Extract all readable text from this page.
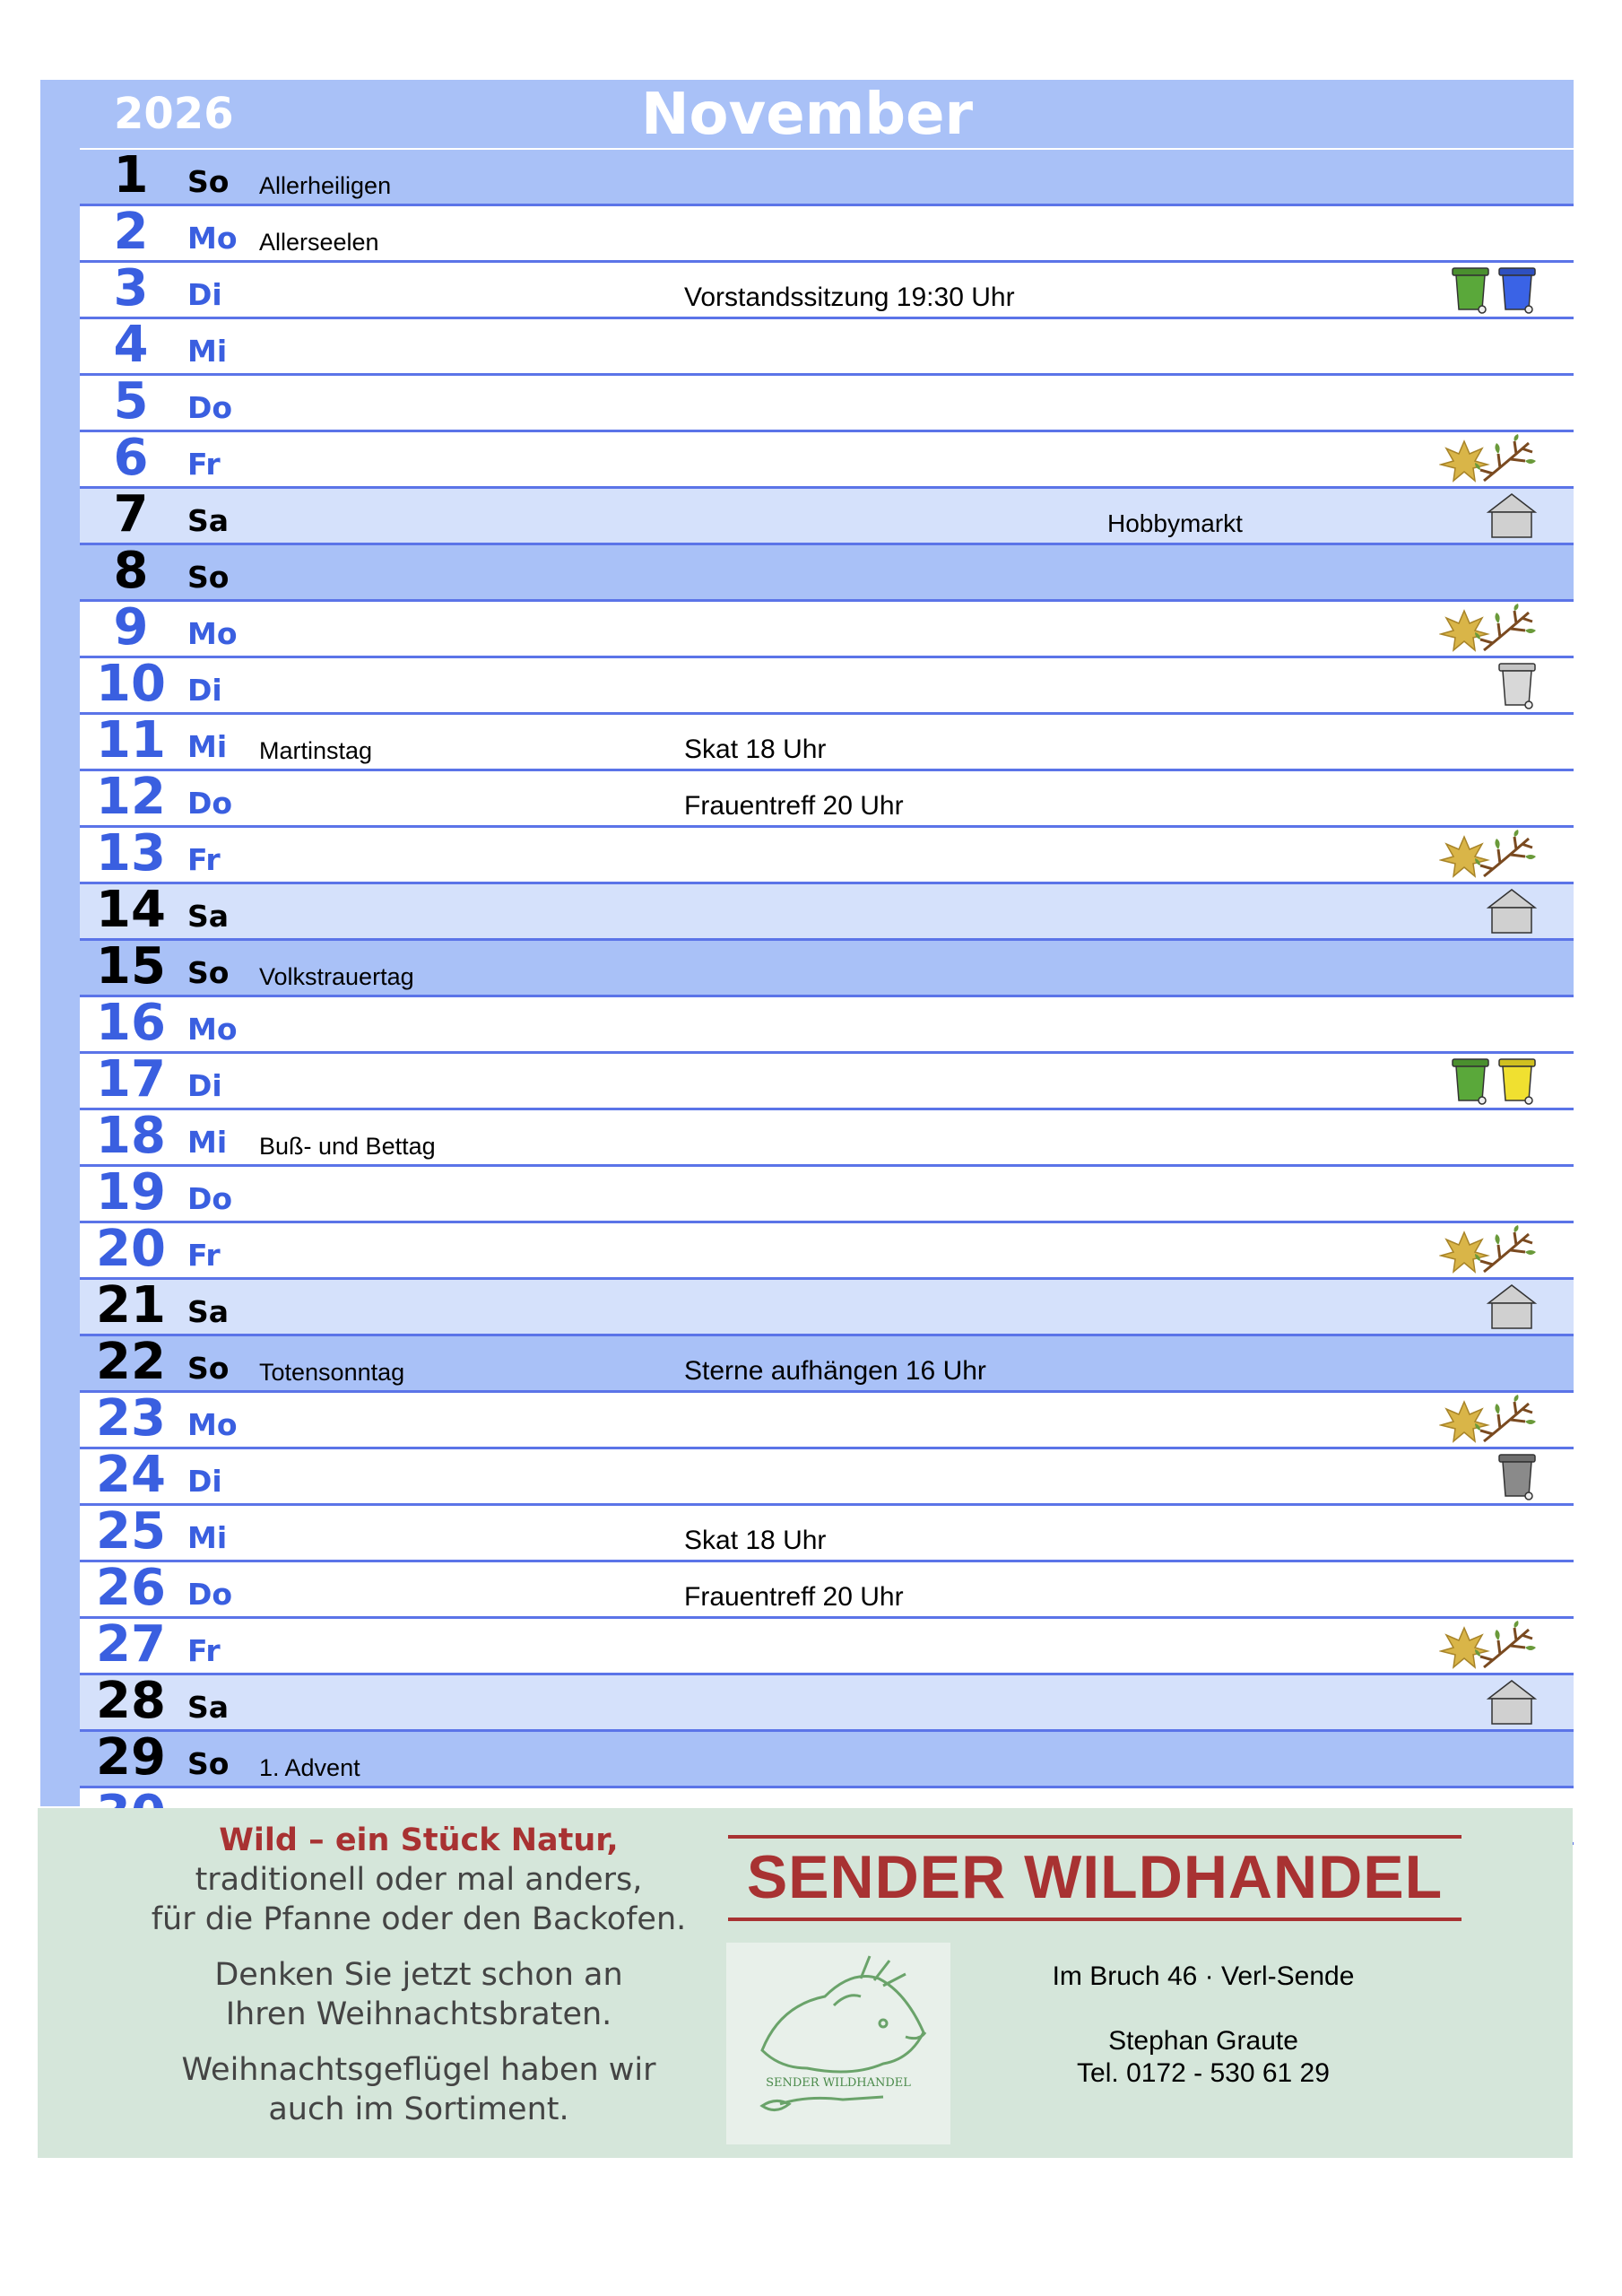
2026	November
1	So Allerheiligen
2	Mo Allerseelen
3	Di	Vorstandssitzung 19:30 Uhr
4	Mi
5	Do
6	Fr
7	Sa	Hobbymarkt
8	So
9	Mo
10 Di
11 Mi Martinstag	Skat 18 Uhr
12 Do	Frauentreff 20 Uhr
13 Fr
14 Sa
15 So Volkstrauertag
16 Mo
17 Di
18 Mi Buß- und Bettag
19 Do
20 Fr
21 Sa
22 So Totensonntag	Sterne aufhängen 16 Uhr
23 Mo
24 Di
25 Mi	Skat 18 Uhr
26 Do	Frauentreff 20 Uhr
27 Fr
28 Sa
29 So 1. Advent

Wild – ein Stück Natur,

traditionell oder mal anders,

für die Pfanne oder den Backofen.

Denken Sie jetzt schon an

Ihren Weihnachtsbraten.

Weihnachtsgeflügel haben wir

auch im Sortiment.

SENDER WILDHANDEL
SENDER WILDHANDEL

Im Bruch 46 · Verl-Sende

Stephan Graute

Tel. 0172 - 530 61 29
